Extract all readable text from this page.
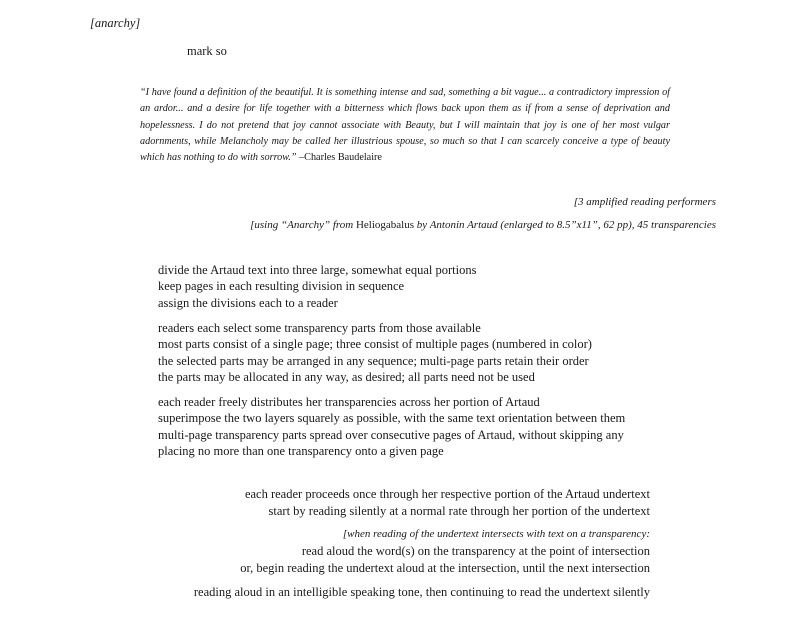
[anarchy]
mark so
“I have found a definition of the beautiful. It is something intense and sad, something a bit vague... a contradictory impression of an ardor... and a desire for life together with a bitterness which flows back upon them as if from a sense of deprivation and hopelessness. I do not pretend that joy cannot associate with Beauty, but I will maintain that joy is one of her most vulgar adornments, while Melancholy may be called her illustrious spouse, so much so that I can scarcely conceive a type of beauty which has nothing to do with sorrow.” –Charles Baudelaire
[3 amplified reading performers
[using “Anarchy” from Heliogabalus by Antonin Artaud (enlarged to 8.5”x11”, 62 pp), 45 transparencies
divide the Artaud text into three large, somewhat equal portions
keep pages in each resulting division in sequence
assign the divisions each to a reader
readers each select some transparency parts from those available
most parts consist of a single page; three consist of multiple pages (numbered in color)
the selected parts may be arranged in any sequence; multi-page parts retain their order
the parts may be allocated in any way, as desired; all parts need not be used
each reader freely distributes her transparencies across her portion of Artaud
superimpose the two layers squarely as possible, with the same text orientation between them
multi-page transparency parts spread over consecutive pages of Artaud, without skipping any
placing no more than one transparency onto a given page
each reader proceeds once through her respective portion of the Artaud undertext
start by reading silently at a normal rate through her portion of the undertext
[when reading of the undertext intersects with text on a transparency:
read aloud the word(s) on the transparency at the point of intersection
or, begin reading the undertext aloud at the intersection, until the next intersection
reading aloud in an intelligible speaking tone, then continuing to read the undertext silently
